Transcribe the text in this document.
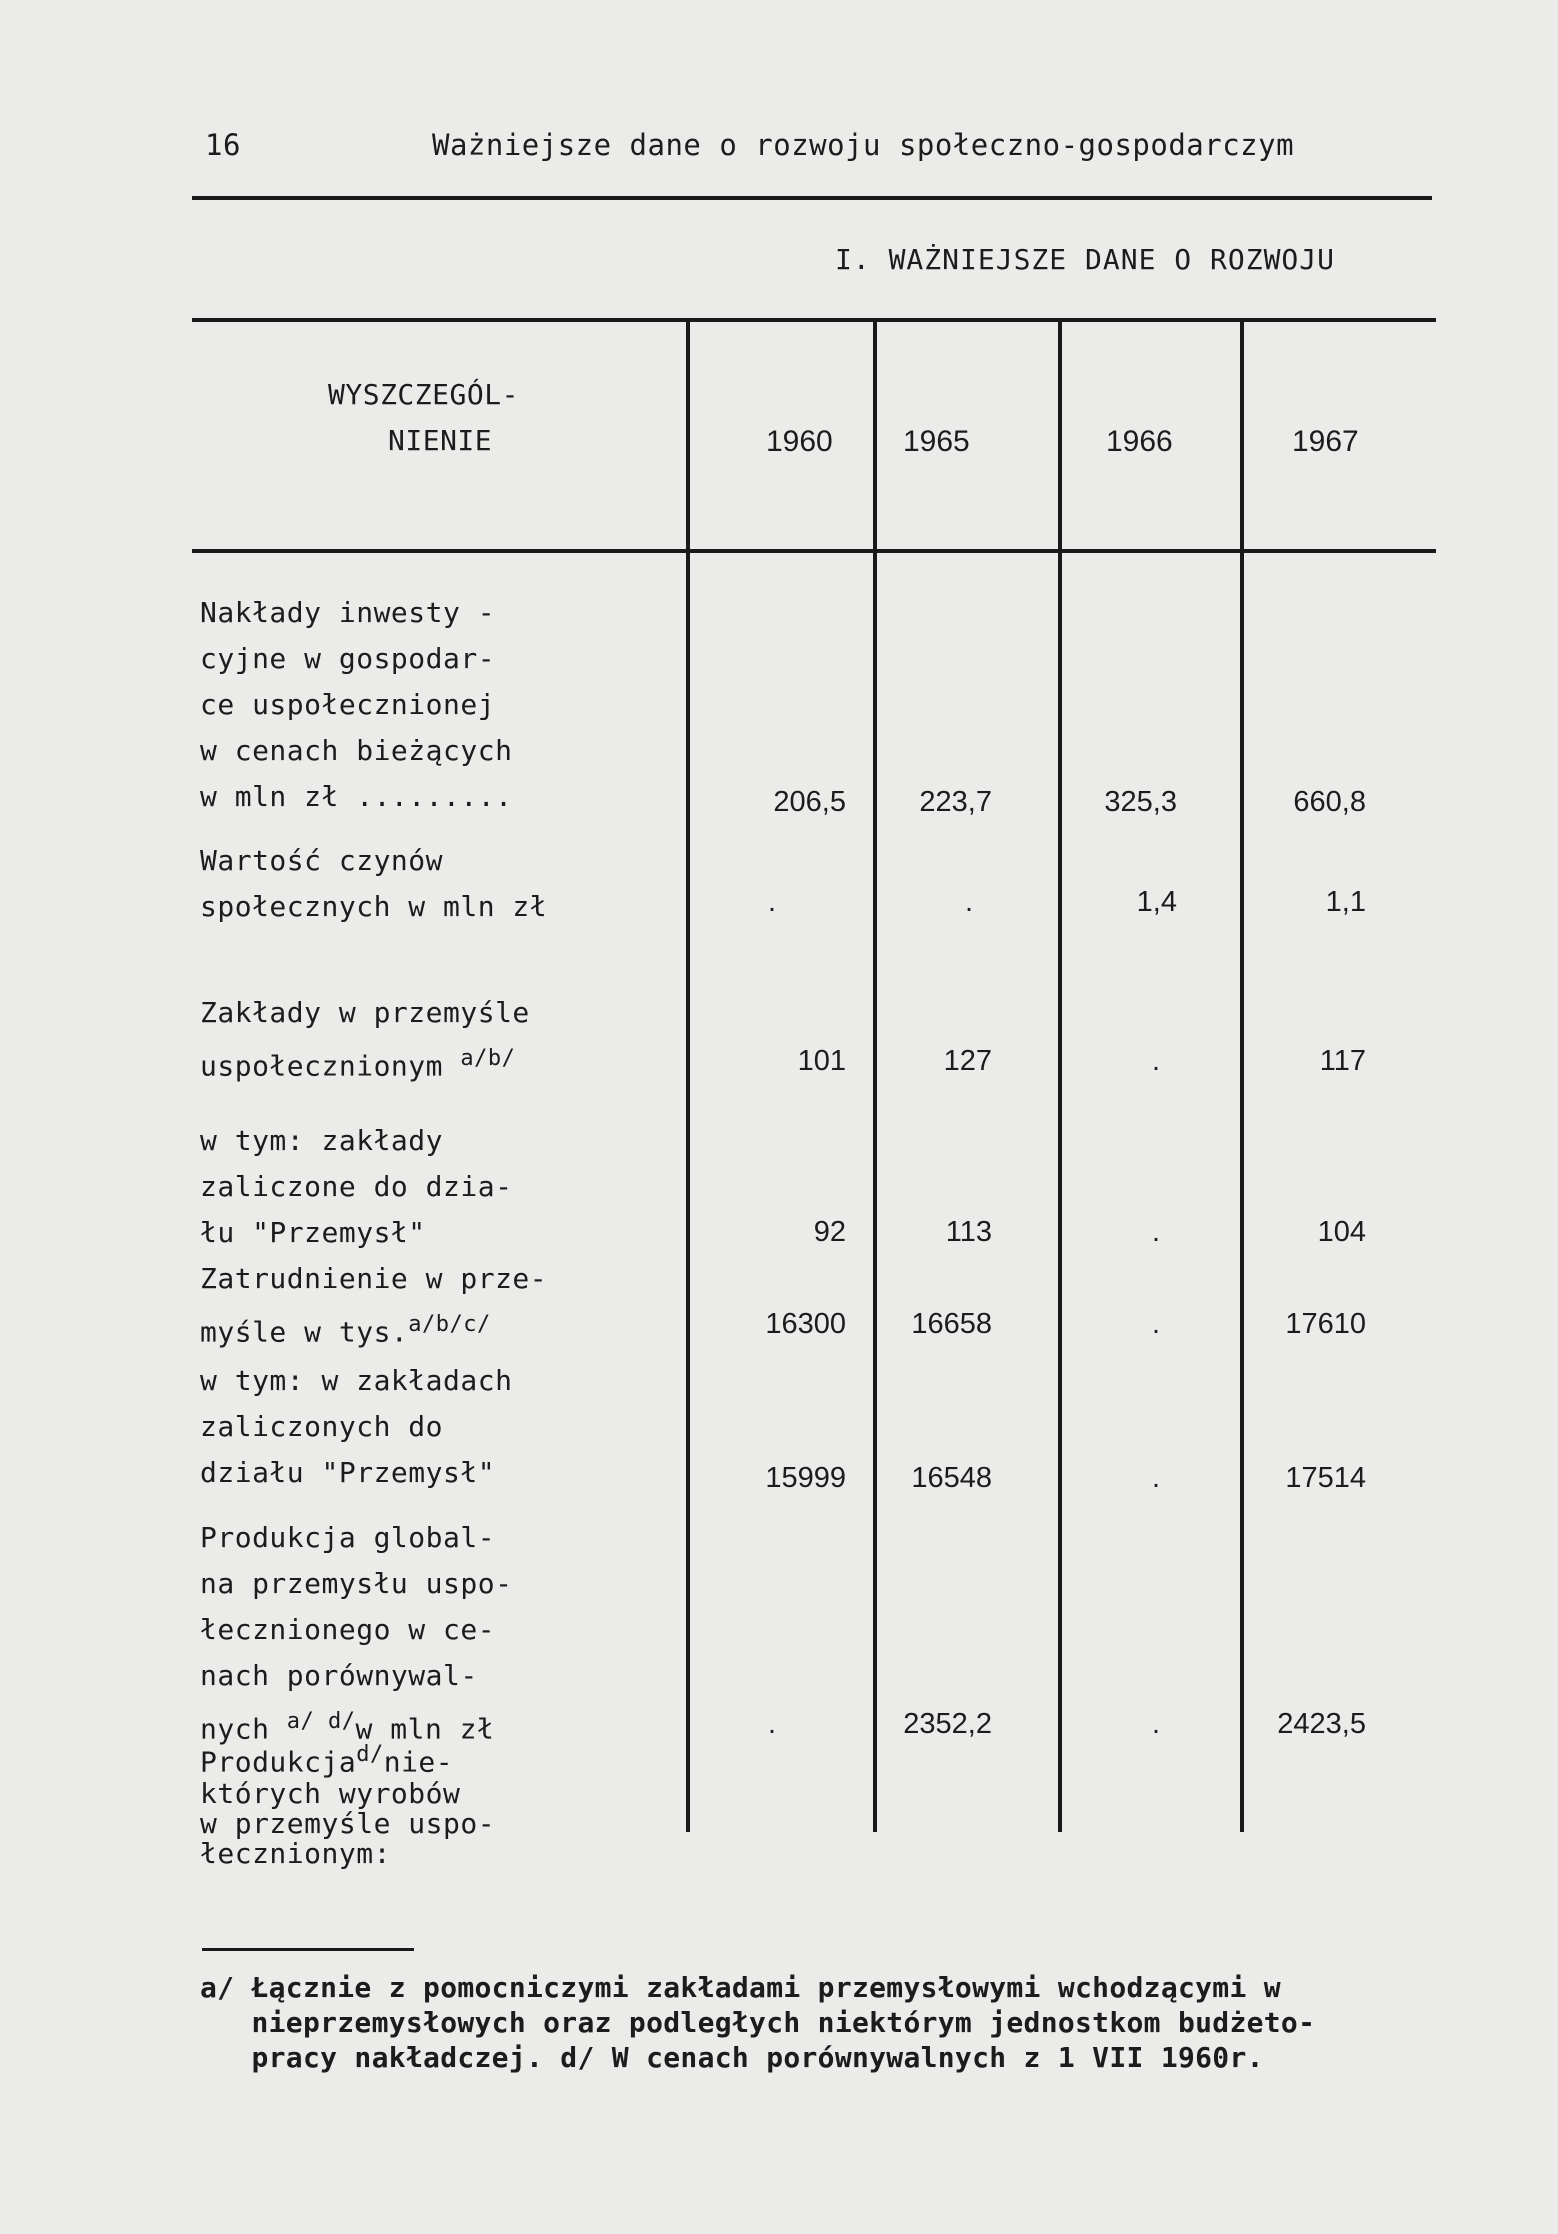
16	Ważniejsze dane o rozwoju społeczno-gospodarczym
I. WAŻNIEJSZE DANE O ROZWOJU
WYSZCZEGÓL-
NIENIE	1960 1965	1966	1967
Nakłady inwesty -
cyjne w gospodar-
ce uspołecznionej
w cenach bieżących
w mln zł .........	206,5	223,7	325,3	660,8
Wartość czynów
społecznych w mln zł	.	.	1,4	1,1
Zakłady w przemyśle
uspołecznionym $^{a/b/}$	101	127	.	117
w tym: zakłady
zaliczone do dzia-
łu "Przemysł"	92	113	.	104
Zatrudnienie w prze-
myśle w tys.$^{a/b/c/}$	16300	16658	.	17610
w tym: w zakładach
zaliczonych do
działu "Przemysł"	15999	16548	.	17514
Produkcja global-
na przemysłu uspo-
łecznionego w ce-
nach porównywal-
nych $^{a/ d/}$w mln zł	.	2352,2	.	2423,5
Produkcja$^{d/}$nie-
których wyrobów
w przemyśle uspo-
łecznionym:
a/ Łącznie z pomocniczymi zakładami przemysłowymi wchodzącymi w
nieprzemysłowych oraz podległych niektórym jednostkom budżeto-
pracy nakładczej. d/ W cenach porównywalnych z 1 VII 1960r.
